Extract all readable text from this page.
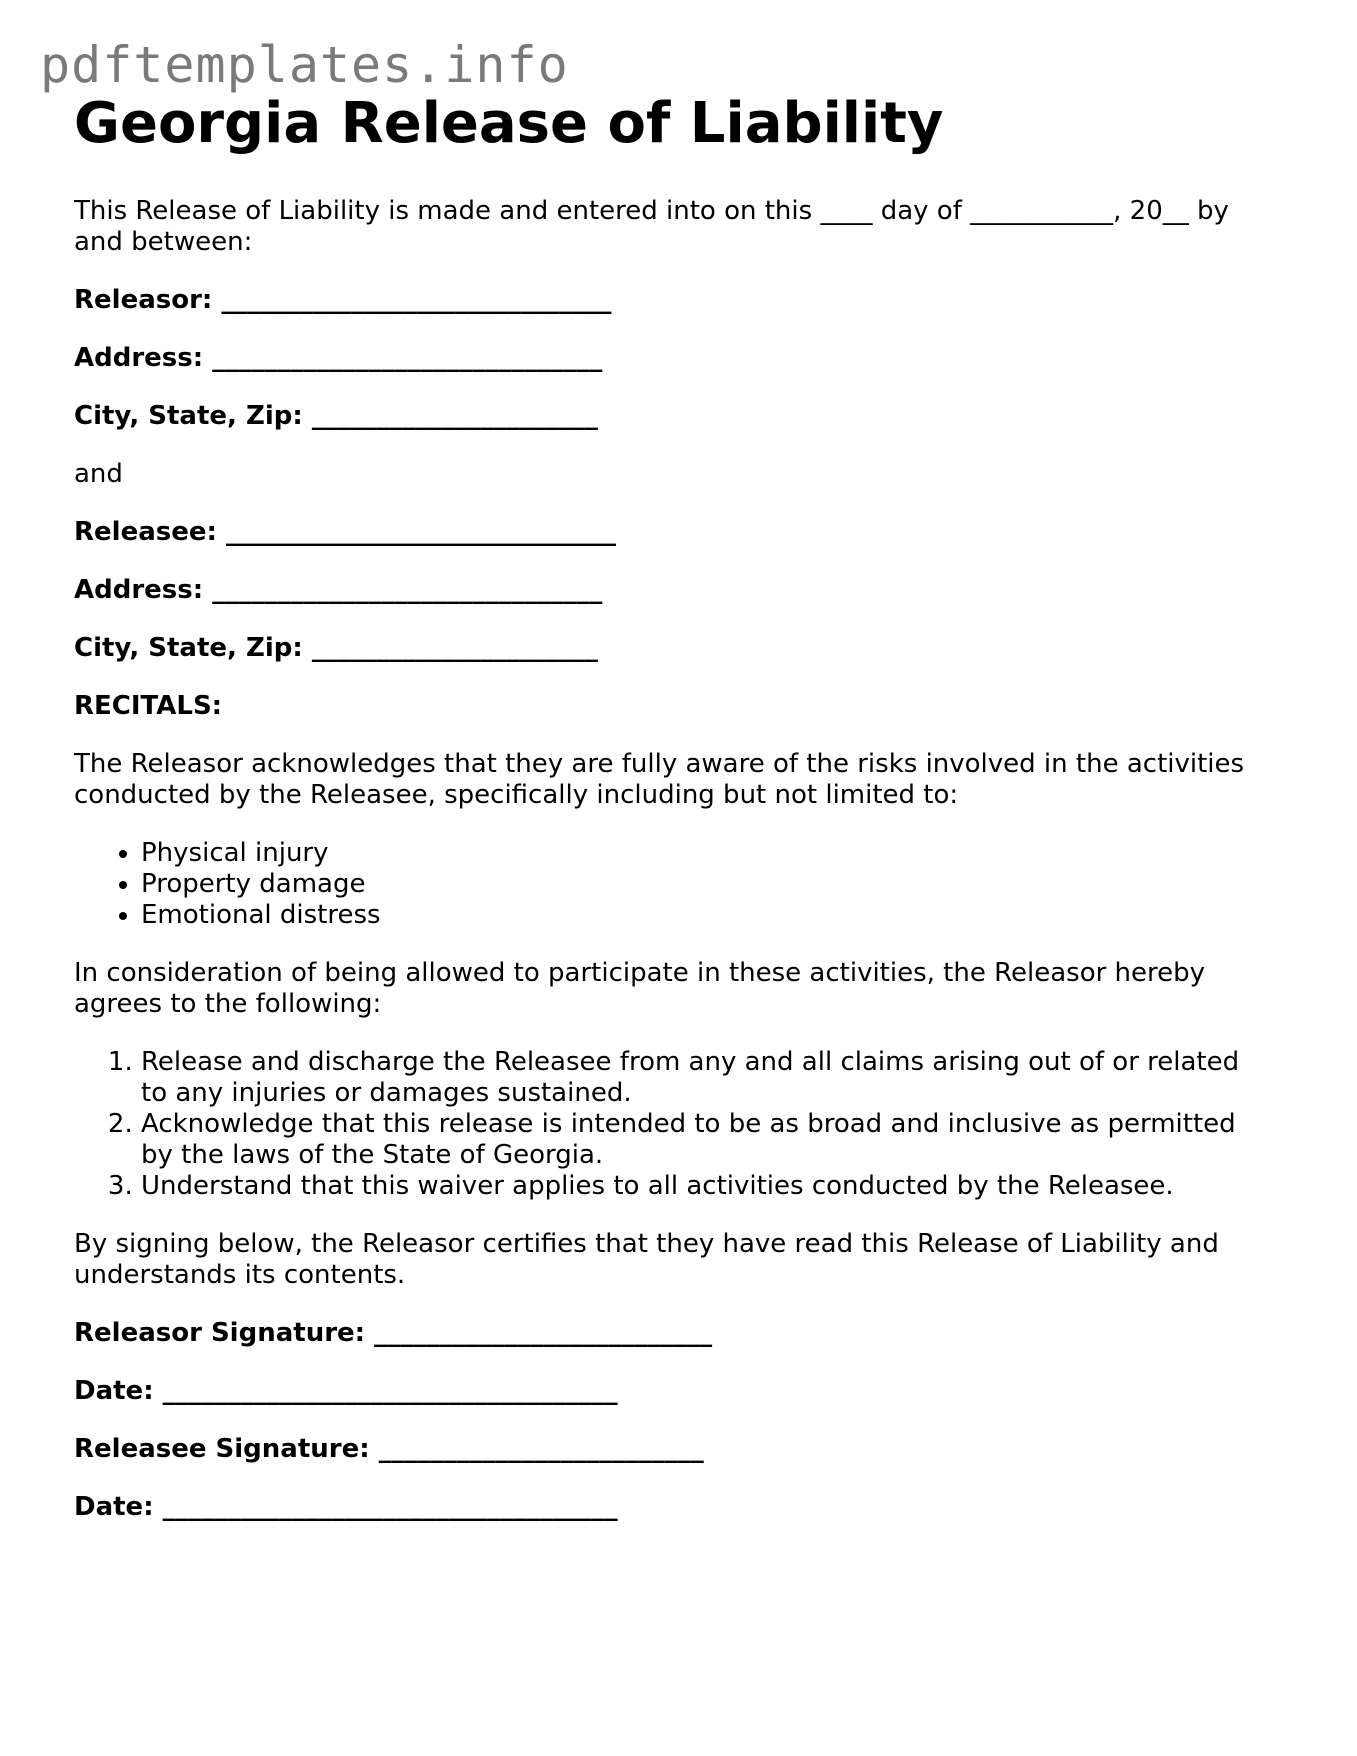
pdftemplates.info
Georgia Release of Liability

This Release of Liability is made and entered into on this ____ day of ___________, 20__ by and between:

Releasor: ______________________________
Address: ______________________________
City, State, Zip: ______________________

and

Releasee: ______________________________
Address: ______________________________
City, State, Zip: ______________________
RECITALS:

The Releasor acknowledges that they are fully aware of the risks involved in the activities conducted by the Releasee, specifically including but not limited to:

• Physical injury
• Property damage
• Emotional distress

In consideration of being allowed to participate in these activities, the Releasor hereby agrees to the following:

1. Release and discharge the Releasee from any and all claims arising out of or related to any injuries or damages sustained.
2. Acknowledge that this release is intended to be as broad and inclusive as permitted by the laws of the State of Georgia.
3. Understand that this waiver applies to all activities conducted by the Releasee.

By signing below, the Releasor certifies that they have read this Release of Liability and understands its contents.

Releasor Signature: __________________________
Date: ___________________________________
Releasee Signature: _________________________
Date: ___________________________________
